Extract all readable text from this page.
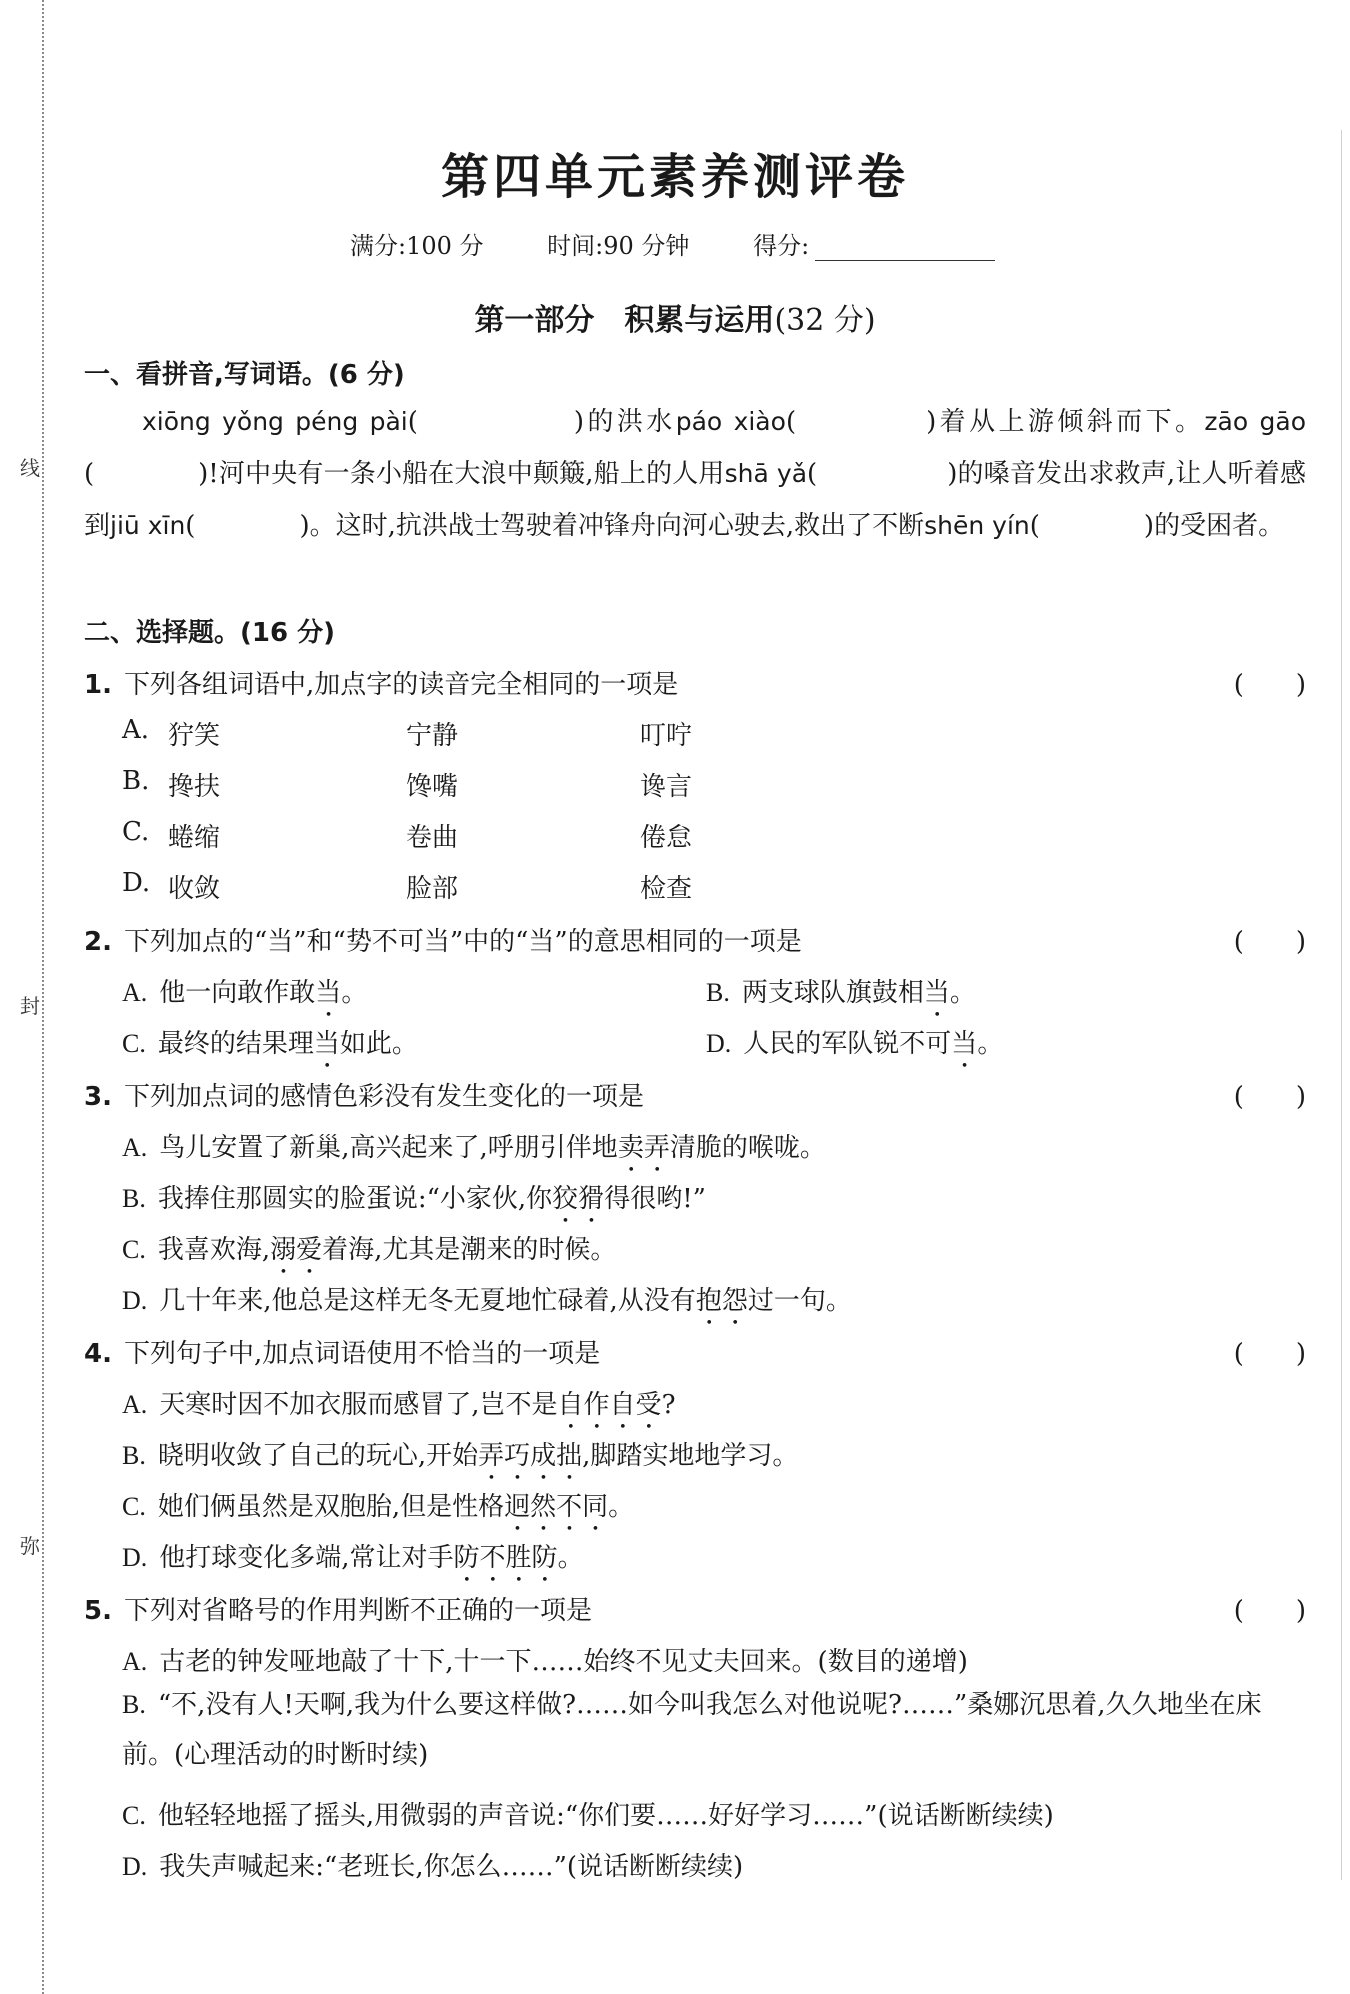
线
封
弥
第四单元素养测评卷
满分:100 分	时间:90 分钟	得分:
第一部分　积累与运用(32 分)
一、看拼音,写词语。(6 分)
xiōng yǒng péng pài(　　　　　　)的洪水páo xiào(　　　　　)着从上游倾斜而下。zāo gāo(　　　　)!河中央有一条小船在大浪中颠簸,船上的人用shā yǎ(　　　　　)的嗓音发出求救声,让人听着感到jiū xīn(　　　　)。这时,抗洪战士驾驶着冲锋舟向河心驶去,救出了不断shēn yín(　　　　)的受困者。
二、选择题。(16 分)
1. 下列各组词语中,加点字的读音完全相同的一项是	(　　)
A. 狞笑	宁静	叮咛
B. 搀扶	馋嘴	谗言
C. 蜷缩	卷曲	倦怠
D. 收敛	脸部	检查
2. 下列加点的“当”和“势不可当”中的“当”的意思相同的一项是	(　　)
A. 他一向敢作敢当。	B. 两支球队旗鼓相当。
C. 最终的结果理当如此。	D. 人民的军队锐不可当。
3. 下列加点词的感情色彩没有发生变化的一项是	(　　)
A. 鸟儿安置了新巢,高兴起来了,呼朋引伴地卖弄清脆的喉咙。
B. 我捧住那圆实的脸蛋说:“小家伙,你狡猾得很哟!”
C. 我喜欢海,溺爱着海,尤其是潮来的时候。
D. 几十年来,他总是这样无冬无夏地忙碌着,从没有抱怨过一句。
4. 下列句子中,加点词语使用不恰当的一项是	(　　)
A. 天寒时因不加衣服而感冒了,岂不是自作自受?
B. 晓明收敛了自己的玩心,开始弄巧成拙,脚踏实地地学习。
C. 她们俩虽然是双胞胎,但是性格迥然不同。
D. 他打球变化多端,常让对手防不胜防。
5. 下列对省略号的作用判断不正确的一项是	(　　)
A. 古老的钟发哑地敲了十下,十一下……始终不见丈夫回来。(数目的递增)
B. “不,没有人!天啊,我为什么要这样做?……如今叫我怎么对他说呢?……”桑娜沉思着,久久地坐在床前。(心理活动的时断时续)
C. 他轻轻地摇了摇头,用微弱的声音说:“你们要……好好学习……”(说话断断续续)
D. 我失声喊起来:“老班长,你怎么……”(说话断断续续)
